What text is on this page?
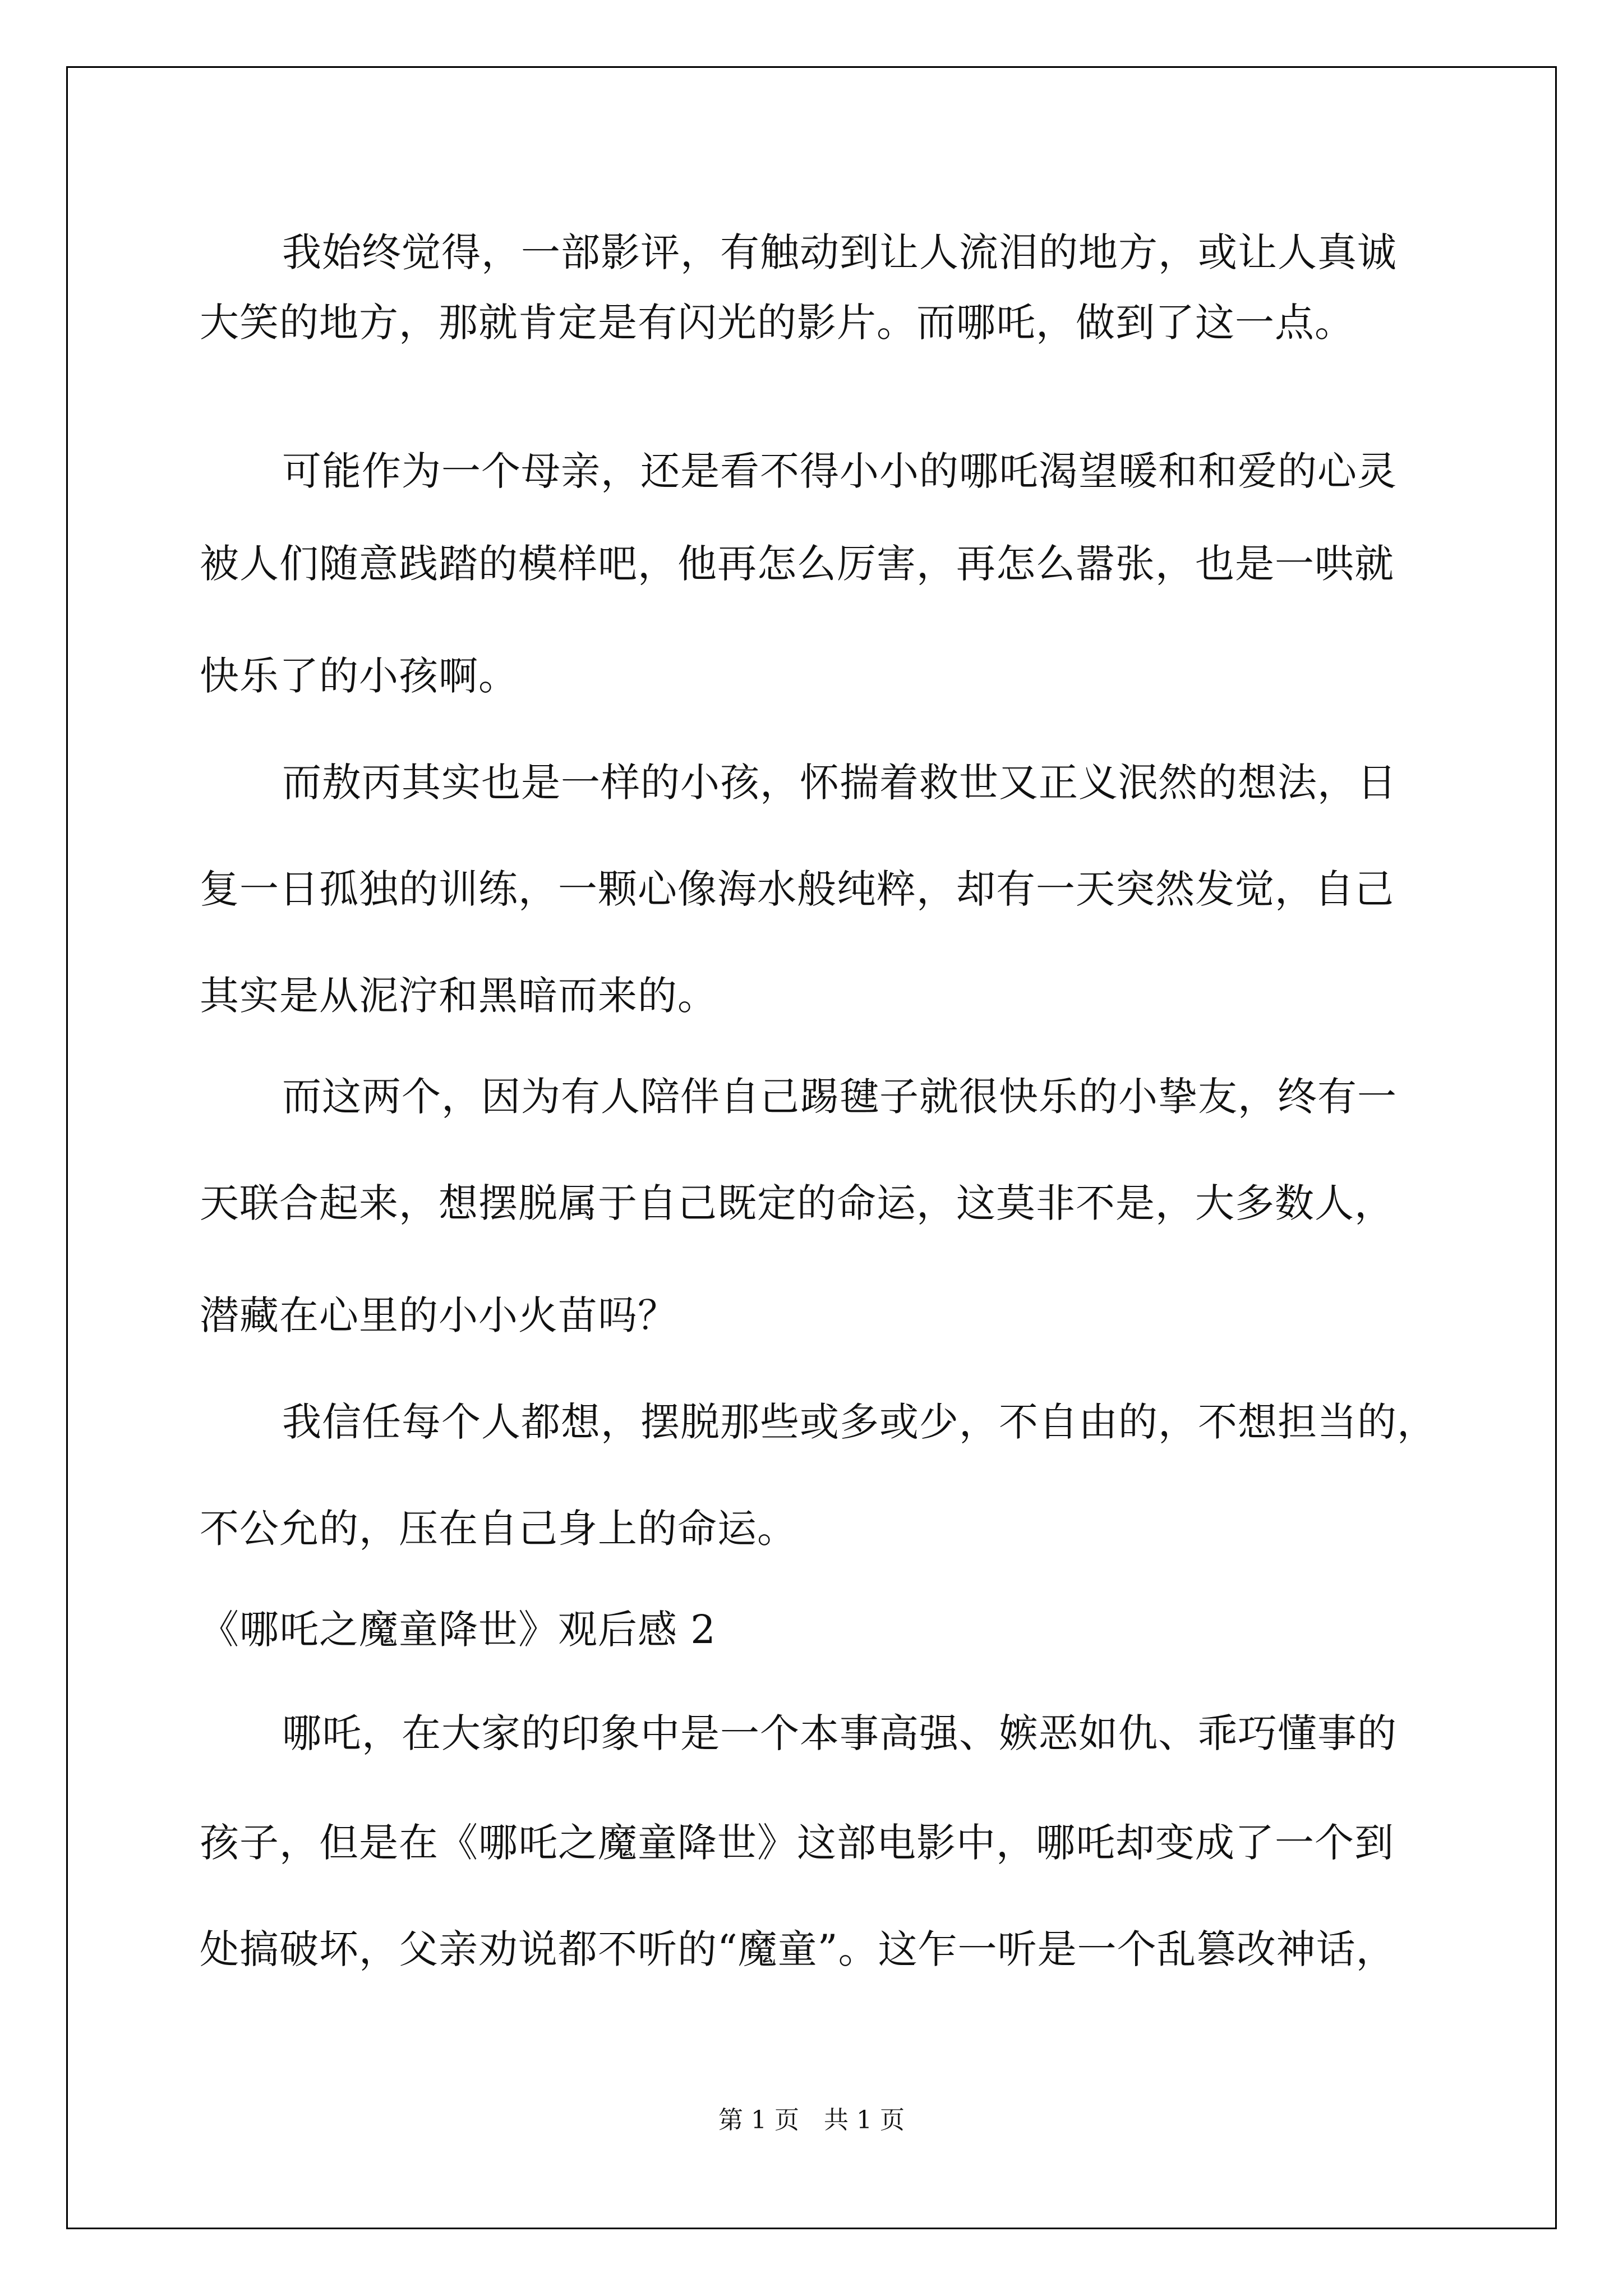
我始终觉得，一部影评，有触动到让人流泪的地方，或让人真诚
大笑的地方，那就肯定是有闪光的影片。而哪吒，做到了这一点。
可能作为一个母亲，还是看不得小小的哪吒渴望暖和和爱的心灵
被人们随意践踏的模样吧，他再怎么厉害，再怎么嚣张，也是一哄就
快乐了的小孩啊。
而敖丙其实也是一样的小孩，怀揣着救世又正义泯然的想法，日
复一日孤独的训练，一颗心像海水般纯粹，却有一天突然发觉，自己
其实是从泥泞和黑暗而来的。
而这两个，因为有人陪伴自己踢毽子就很快乐的小挚友，终有一
天联合起来，想摆脱属于自己既定的命运，这莫非不是，大多数人，
潜藏在心里的小小火苗吗？
我信任每个人都想，摆脱那些或多或少，不自由的，不想担当的，
不公允的，压在自己身上的命运。
《哪吒之魔童降世》观后感 2
哪吒，在大家的印象中是一个本事高强、嫉恶如仇、乖巧懂事的
孩子，但是在《哪吒之魔童降世》这部电影中，哪吒却变成了一个到
处搞破坏，父亲劝说都不听的“魔童”。这乍一听是一个乱篡改神话，
第 1 页　共 1 页
